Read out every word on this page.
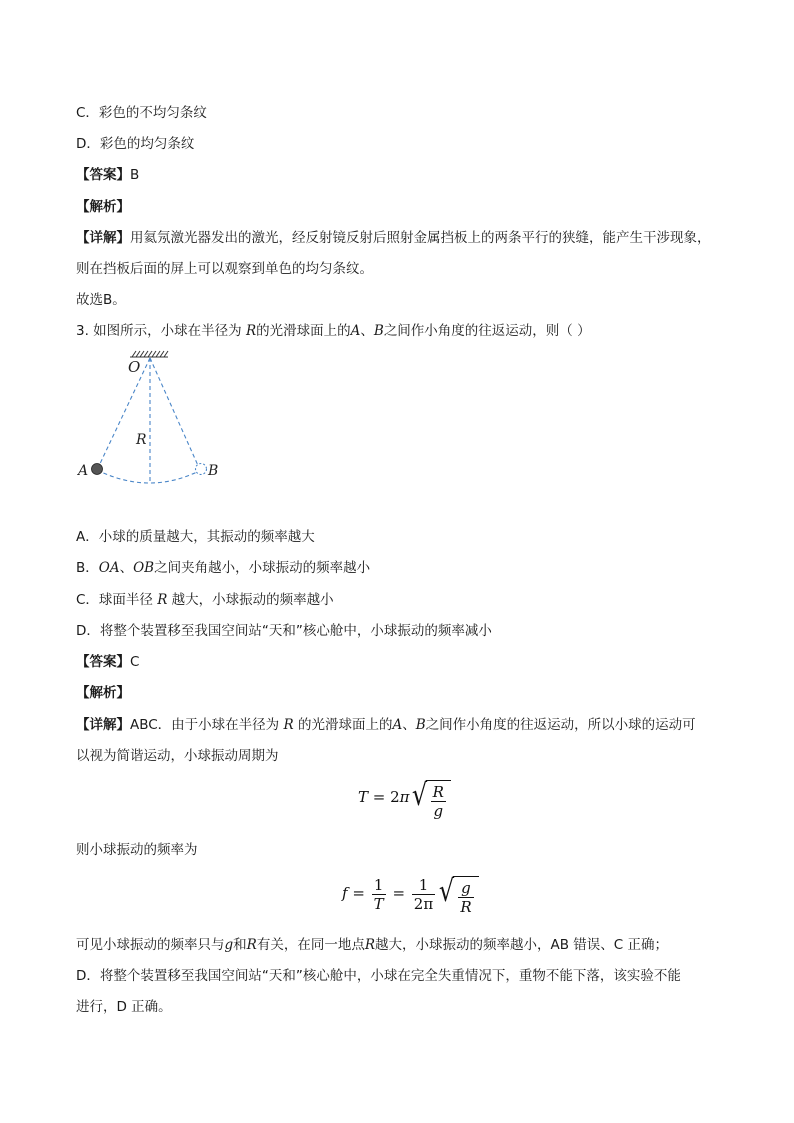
C．彩色的不均匀条纹
D．彩色的均匀条纹
【答案】B
【解析】
【详解】用氦氖激光器发出的激光，经反射镜反射后照射金属挡板上的两条平行的狭缝，能产生干涉现象，
则在挡板后面的屏上可以观察到单色的均匀条纹。
故选B。
3. 如图所示，小球在半径为 R的光滑球面上的A、B之间作小角度的往返运动，则（ ）
O
R
A	B
A．小球的质量越大，其振动的频率越大
B．OA、OB之间夹角越小，小球振动的频率越小
C．球面半径 R 越大，小球振动的频率越小
D．将整个装置移至我国空间站“天和”核心舱中，小球振动的频率减小
【答案】C
【解析】
【详解】ABC．由于小球在半径为 R 的光滑球面上的A、B之间作小角度的往返运动，所以小球的运动可
以视为简谐运动，小球振动周期为
T = 2π √ $\frac{R}{g}$
则小球振动的频率为
$f = \frac{1}{T} = \frac{1}{2\pi}$ √ $\frac{g}{R}$
可见小球振动的频率只与g和R有关，在同一地点R越大，小球振动的频率越小，AB 错误、C 正确；
D．将整个装置移至我国空间站“天和”核心舱中，小球在完全失重情况下，重物不能下落，该实验不能
进行，D 正确。
